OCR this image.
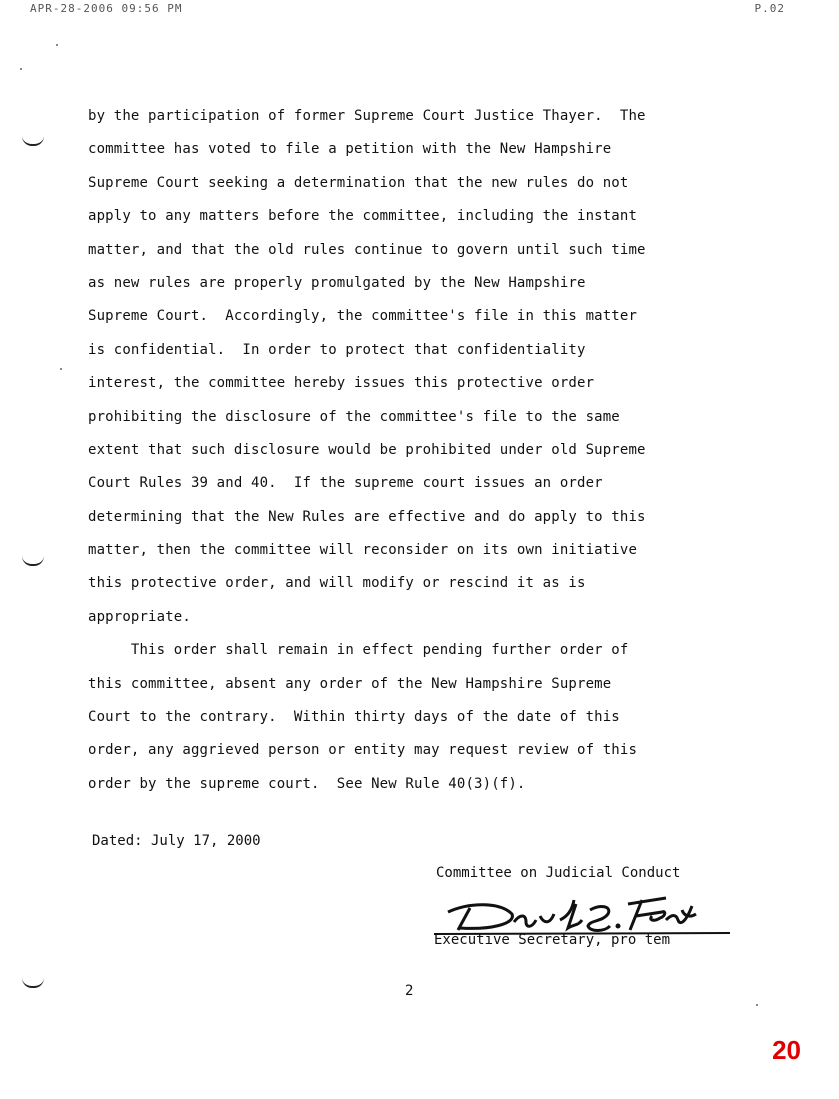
APR-28-2006 09:56 PM	P.02
by the participation of former Supreme Court Justice Thayer.  The
committee has voted to file a petition with the New Hampshire
Supreme Court seeking a determination that the new rules do not
apply to any matters before the committee, including the instant
matter, and that the old rules continue to govern until such time
as new rules are properly promulgated by the New Hampshire
Supreme Court.  Accordingly, the committee's file in this matter
is confidential.  In order to protect that confidentiality
interest, the committee hereby issues this protective order
prohibiting the disclosure of the committee's file to the same
extent that such disclosure would be prohibited under old Supreme
Court Rules 39 and 40.  If the supreme court issues an order
determining that the New Rules are effective and do apply to this
matter, then the committee will reconsider on its own initiative
this protective order, and will modify or rescind it as is
appropriate.
This order shall remain in effect pending further order of
this committee, absent any order of the New Hampshire Supreme
Court to the contrary.  Within thirty days of the date of this
order, any aggrieved person or entity may request review of this
order by the supreme court.  See New Rule 40(3)(f).
Dated: July 17, 2000
Committee on Judicial Conduct
Executive Secretary, pro tem
2
20
